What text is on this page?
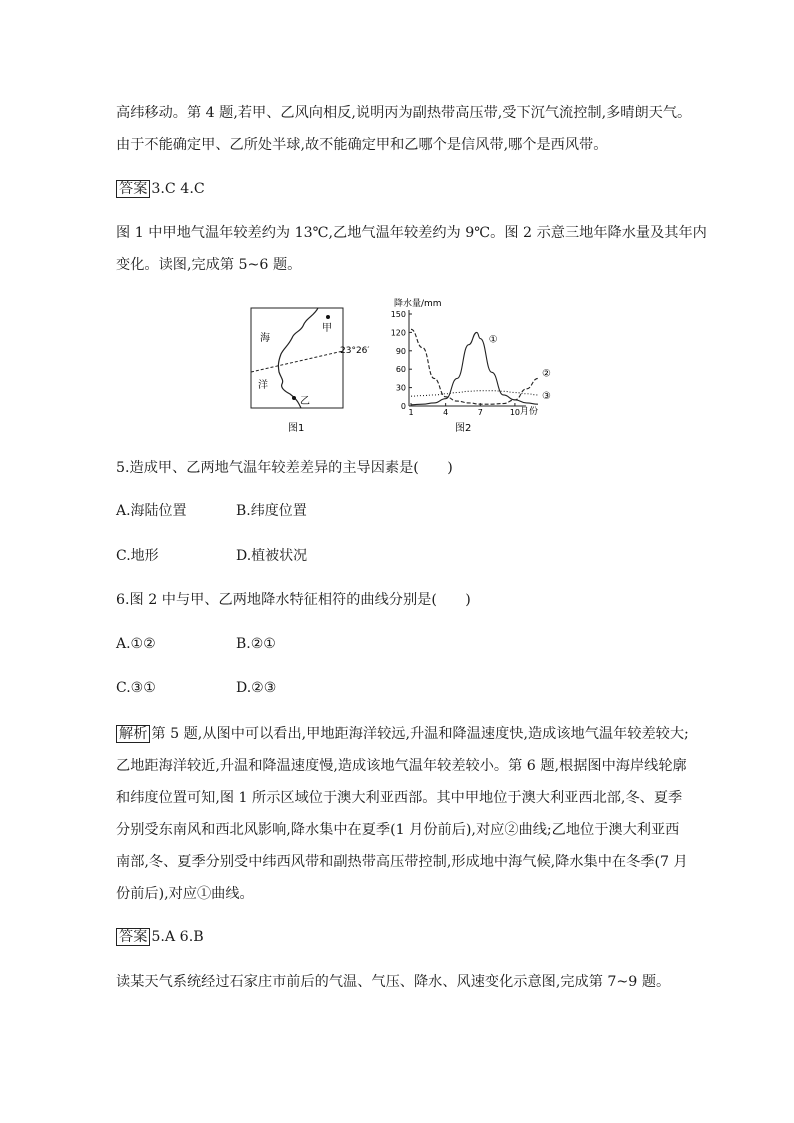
高纬移动。第 4 题,若甲、乙风向相反,说明丙为副热带高压带,受下沉气流控制,多晴朗天气。
由于不能确定甲、乙所处半球,故不能确定甲和乙哪个是信风带,哪个是西风带。
答案 3.C 4.C
图 1 中甲地气温年较差约为 13℃,乙地气温年较差约为 9℃。图 2 示意三地年降水量及其年内
变化。读图,完成第 5~6 题。
甲
乙
海
洋
23°26′
图1
降水量/mm
月份
图2
0
30
60
90
120
150
1	4	7	10
①
②
③
5.造成甲、乙两地气温年较差差异的主导因素是(　　)
A.海陆位置	B.纬度位置
C.地形	D.植被状况
6.图 2 中与甲、乙两地降水特征相符的曲线分别是(　　)
A.①②	B.②①
C.③①	D.②③
解析 第 5 题,从图中可以看出,甲地距海洋较远,升温和降温速度快,造成该地气温年较差较大;
乙地距海洋较近,升温和降温速度慢,造成该地气温年较差较小。第 6 题,根据图中海岸线轮廓
和纬度位置可知,图 1 所示区域位于澳大利亚西部。其中甲地位于澳大利亚西北部,冬、夏季
分别受东南风和西北风影响,降水集中在夏季(1 月份前后),对应②曲线;乙地位于澳大利亚西
南部,冬、夏季分别受中纬西风带和副热带高压带控制,形成地中海气候,降水集中在冬季(7 月
份前后),对应①曲线。
答案 5.A 6.B
读某天气系统经过石家庄市前后的气温、气压、降水、风速变化示意图,完成第 7~9 题。
